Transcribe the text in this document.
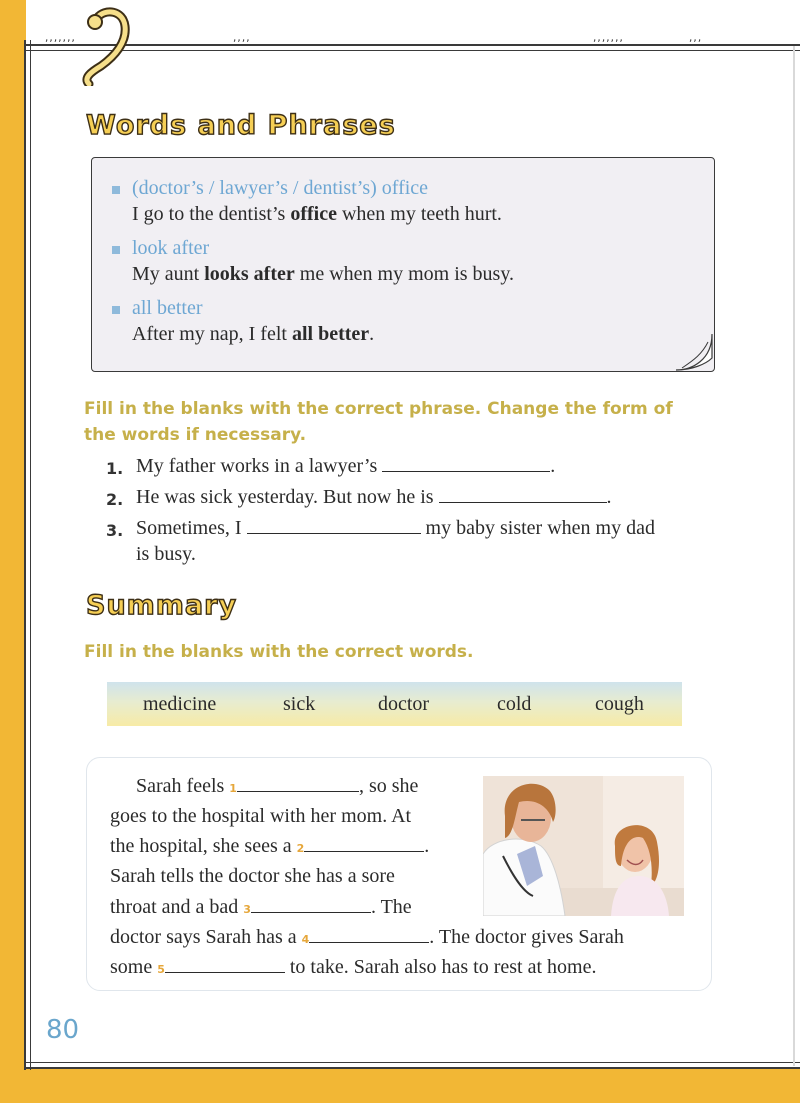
,,,,,,,	,,,,	,,,,,,,	,,,
Words and Phrases
(doctor’s / lawyer’s / dentist’s) office
I go to the dentist’s office when my teeth hurt.
look after
My aunt looks after me when my mom is busy.
all better
After my nap, I felt all better.
Fill in the blanks with the correct phrase. Change the form of
the words if necessary.
1. My father works in a lawyer’s	.
2. He was sick yesterday. But now he is	.
3. Sometimes, I	my baby sister when my dad
is busy.
Summary
Fill in the blanks with the correct words.
medicine	sick	doctor	cold	cough
Sarah feels 1	, so she
goes to the hospital with her mom. At
the hospital, she sees a 2	.
Sarah tells the doctor she has a sore
throat and a bad 3	. The
doctor says Sarah has a 4	. The doctor gives Sarah
some 5	to take. Sarah also has to rest at home.
80
